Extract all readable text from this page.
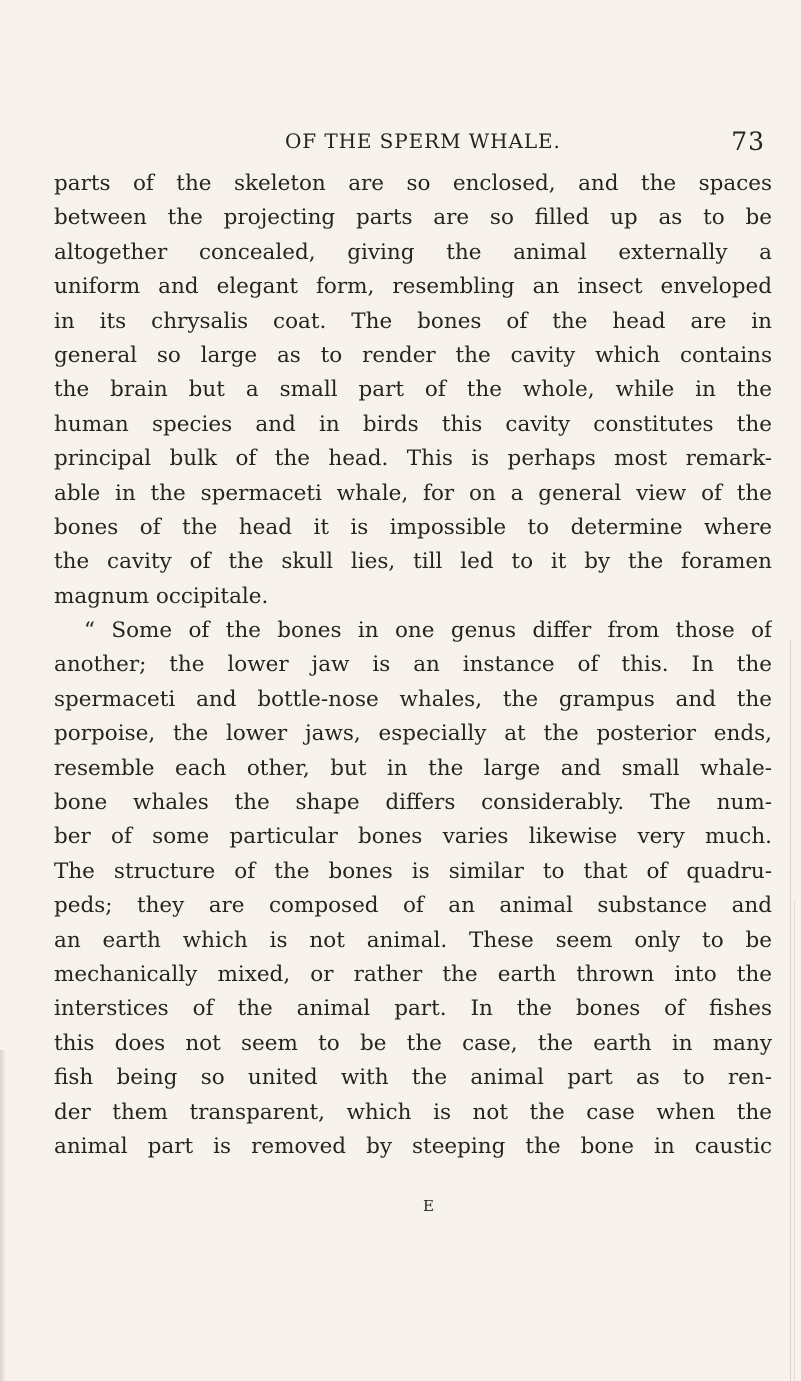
OF THE SPERM WHALE.	73
parts of the skeleton are so enclosed, and the spaces
between the projecting parts are so filled up as to be
altogether concealed, giving the animal externally a
uniform and elegant form, resembling an insect enveloped
in its chrysalis coat. The bones of the head are in
general so large as to render the cavity which contains
the brain but a small part of the whole, while in the
human species and in birds this cavity constitutes the
principal bulk of the head. This is perhaps most remark-
able in the spermaceti whale, for on a general view of the
bones of the head it is impossible to determine where
the cavity of the skull lies, till led to it by the foramen
magnum occipitale.
“ Some of the bones in one genus differ from those of
another; the lower jaw is an instance of this. In the
spermaceti and bottle-nose whales, the grampus and the
porpoise, the lower jaws, especially at the posterior ends,
resemble each other, but in the large and small whale-
bone whales the shape differs considerably. The num-
ber of some particular bones varies likewise very much.
The structure of the bones is similar to that of quadru-
peds; they are composed of an animal substance and
an earth which is not animal. These seem only to be
mechanically mixed, or rather the earth thrown into the
interstices of the animal part. In the bones of fishes
this does not seem to be the case, the earth in many
fish being so united with the animal part as to ren-
der them transparent, which is not the case when the
animal part is removed by steeping the bone in caustic
E
